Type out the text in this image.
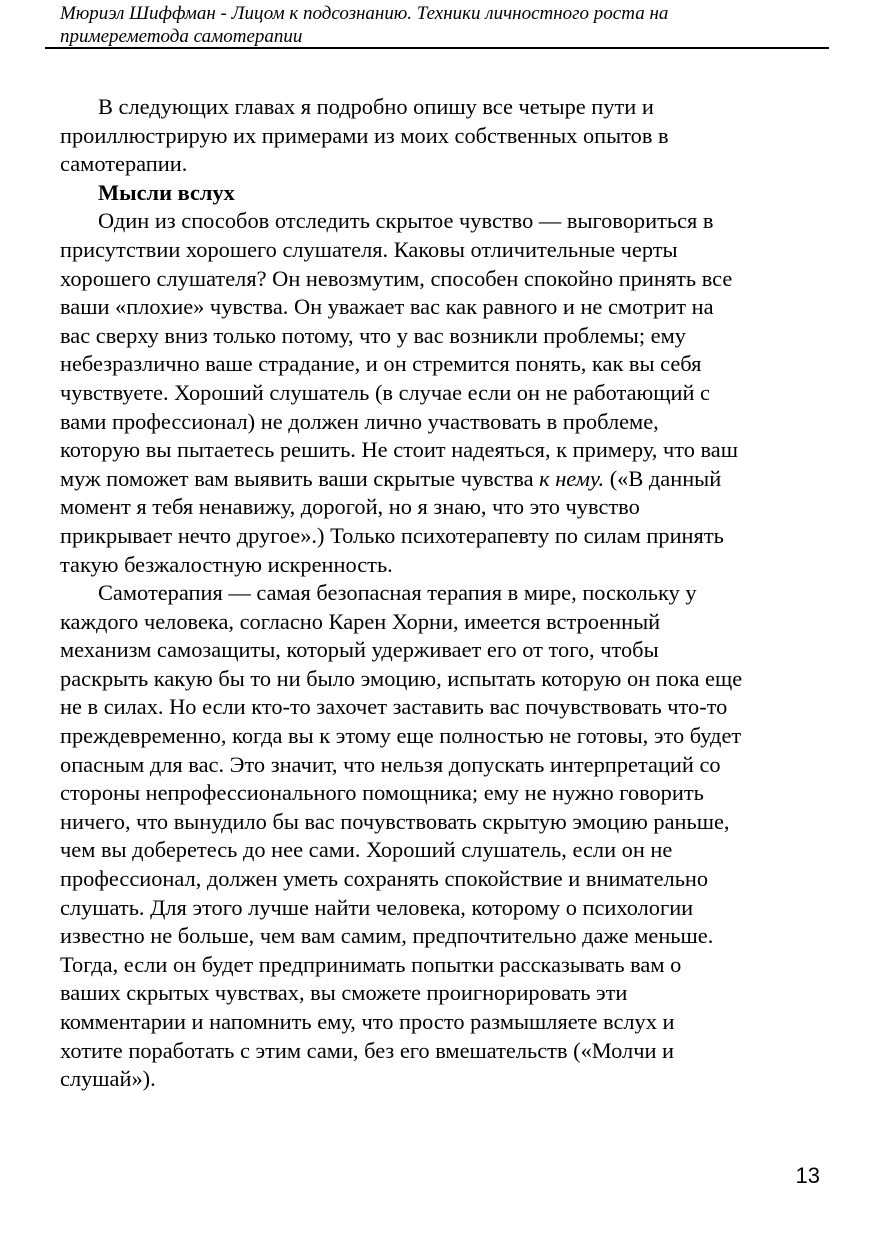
Мюриэл Шиффман - Лицом к подсознанию. Техники личностного роста на
примереметода самотерапии
В следующих главах я подробно опишу все четыре пути и
проиллюстрирую их примерами из моих собственных опытов в
самотерапии.
Мысли вслух
Один из способов отследить скрытое чувство — выговориться в
присутствии хорошего слушателя. Каковы отличительные черты
хорошего слушателя? Он невозмутим, способен спокойно принять все
ваши «плохие» чувства. Он уважает вас как равного и не смотрит на
вас сверху вниз только потому, что у вас возникли проблемы; ему
небезразлично ваше страдание, и он стремится понять, как вы себя
чувствуете. Хороший слушатель (в случае если он не работающий с
вами профессионал) не должен лично участвовать в проблеме,
которую вы пытаетесь решить. Не стоит надеяться, к примеру, что ваш
муж поможет вам выявить ваши скрытые чувства к нему. («В данный
момент я тебя ненавижу, дорогой, но я знаю, что это чувство
прикрывает нечто другое».) Только психотерапевту по силам принять
такую безжалостную искренность.
Самотерапия — самая безопасная терапия в мире, поскольку у
каждого человека, согласно Карен Хорни, имеется встроенный
механизм самозащиты, который удерживает его от того, чтобы
раскрыть какую бы то ни было эмоцию, испытать которую он пока еще
не в силах. Но если кто-то захочет заставить вас почувствовать что-то
преждевременно, когда вы к этому еще полностью не готовы, это будет
опасным для вас. Это значит, что нельзя допускать интерпретаций со
стороны непрофессионального помощника; ему не нужно говорить
ничего, что вынудило бы вас почувствовать скрытую эмоцию раньше,
чем вы доберетесь до нее сами. Хороший слушатель, если он не
профессионал, должен уметь сохранять спокойствие и внимательно
слушать. Для этого лучше найти человека, которому о психологии
известно не больше, чем вам самим, предпочтительно даже меньше.
Тогда, если он будет предпринимать попытки рассказывать вам о
ваших скрытых чувствах, вы сможете проигнорировать эти
комментарии и напомнить ему, что просто размышляете вслух и
хотите поработать с этим сами, без его вмешательств («Молчи и
слушай»).
13
